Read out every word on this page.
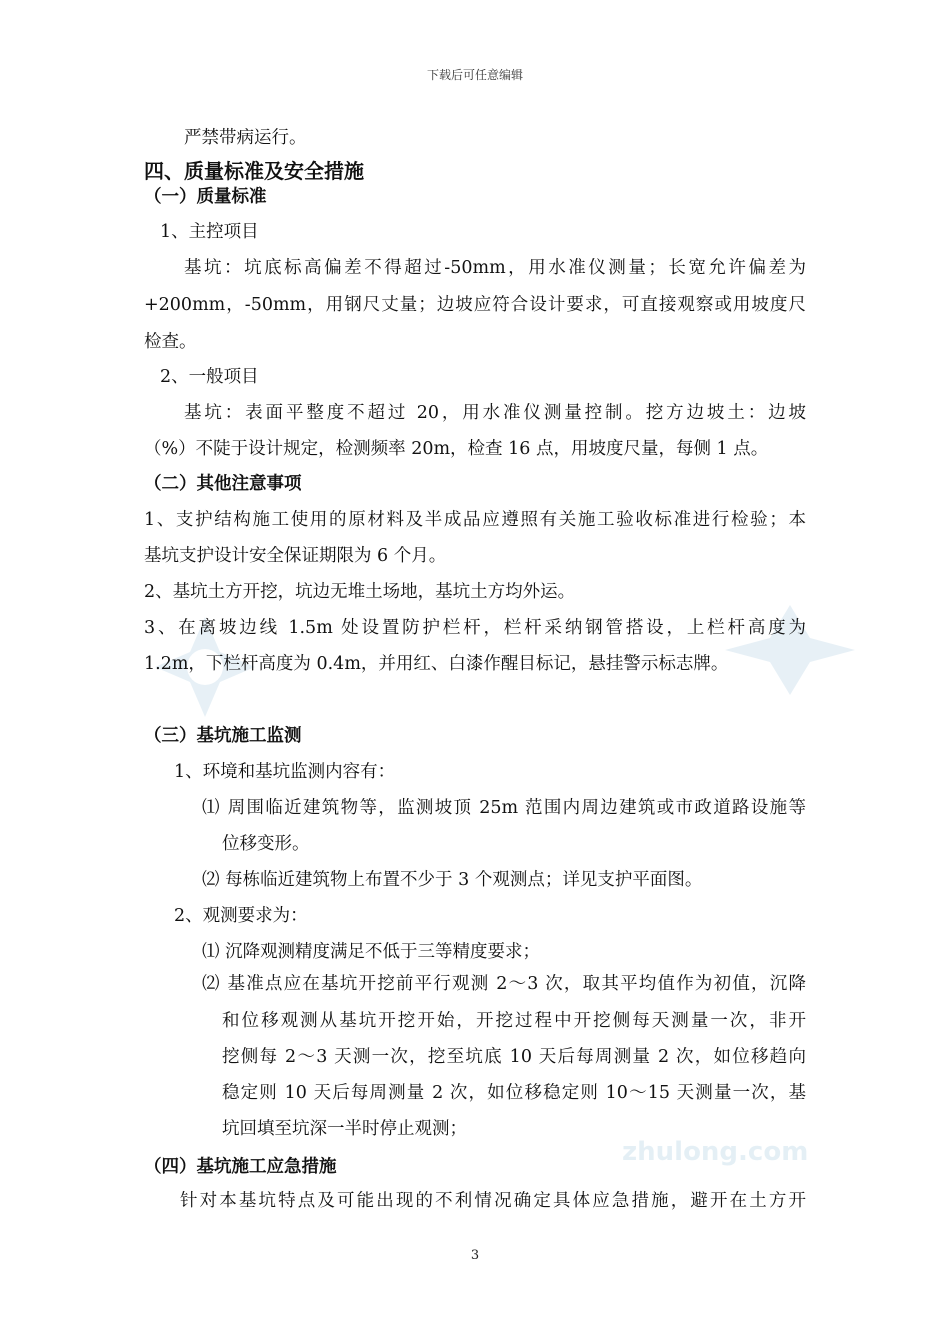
下载后可任意编辑
zhulong.com
严禁带病运行。
四、质量标准及安全措施
（一）质量标准
1、主控项目
基坑：坑底标高偏差不得超过-50mm，用水准仪测量；长宽允许偏差为
+200mm，-50mm，用钢尺丈量；边坡应符合设计要求，可直接观察或用坡度尺
检查。
2、一般项目
基坑：表面平整度不超过 20，用水准仪测量控制。挖方边坡土：边坡
（%）不陡于设计规定，检测频率 20m，检查 16 点，用坡度尺量，每侧 1 点。
（二）其他注意事项
1、支护结构施工使用的原材料及半成品应遵照有关施工验收标准进行检验；本
基坑支护设计安全保证期限为 6 个月。
2、基坑土方开挖，坑边无堆土场地，基坑土方均外运。
3、在离坡边线 1.5m 处设置防护栏杆，栏杆采纳钢管搭设，上栏杆高度为
1.2m，下栏杆高度为 0.4m，并用红、白漆作醒目标记，悬挂警示标志牌。
（三）基坑施工监测
1、环境和基坑监测内容有：
⑴ 周围临近建筑物等，监测坡顶 25m 范围内周边建筑或市政道路设施等
位移变形。
⑵ 每栋临近建筑物上布置不少于 3 个观测点；详见支护平面图。
2、观测要求为：
⑴ 沉降观测精度满足不低于三等精度要求；
⑵ 基准点应在基坑开挖前平行观测 2～3 次，取其平均值作为初值，沉降
和位移观测从基坑开挖开始，开挖过程中开挖侧每天测量一次，非开
挖侧每 2～3 天测一次，挖至坑底 10 天后每周测量 2 次，如位移趋向
稳定则 10 天后每周测量 2 次，如位移稳定则 10～15 天测量一次，基
坑回填至坑深一半时停止观测；
（四）基坑施工应急措施
针对本基坑特点及可能出现的不利情况确定具体应急措施，避开在土方开
3
